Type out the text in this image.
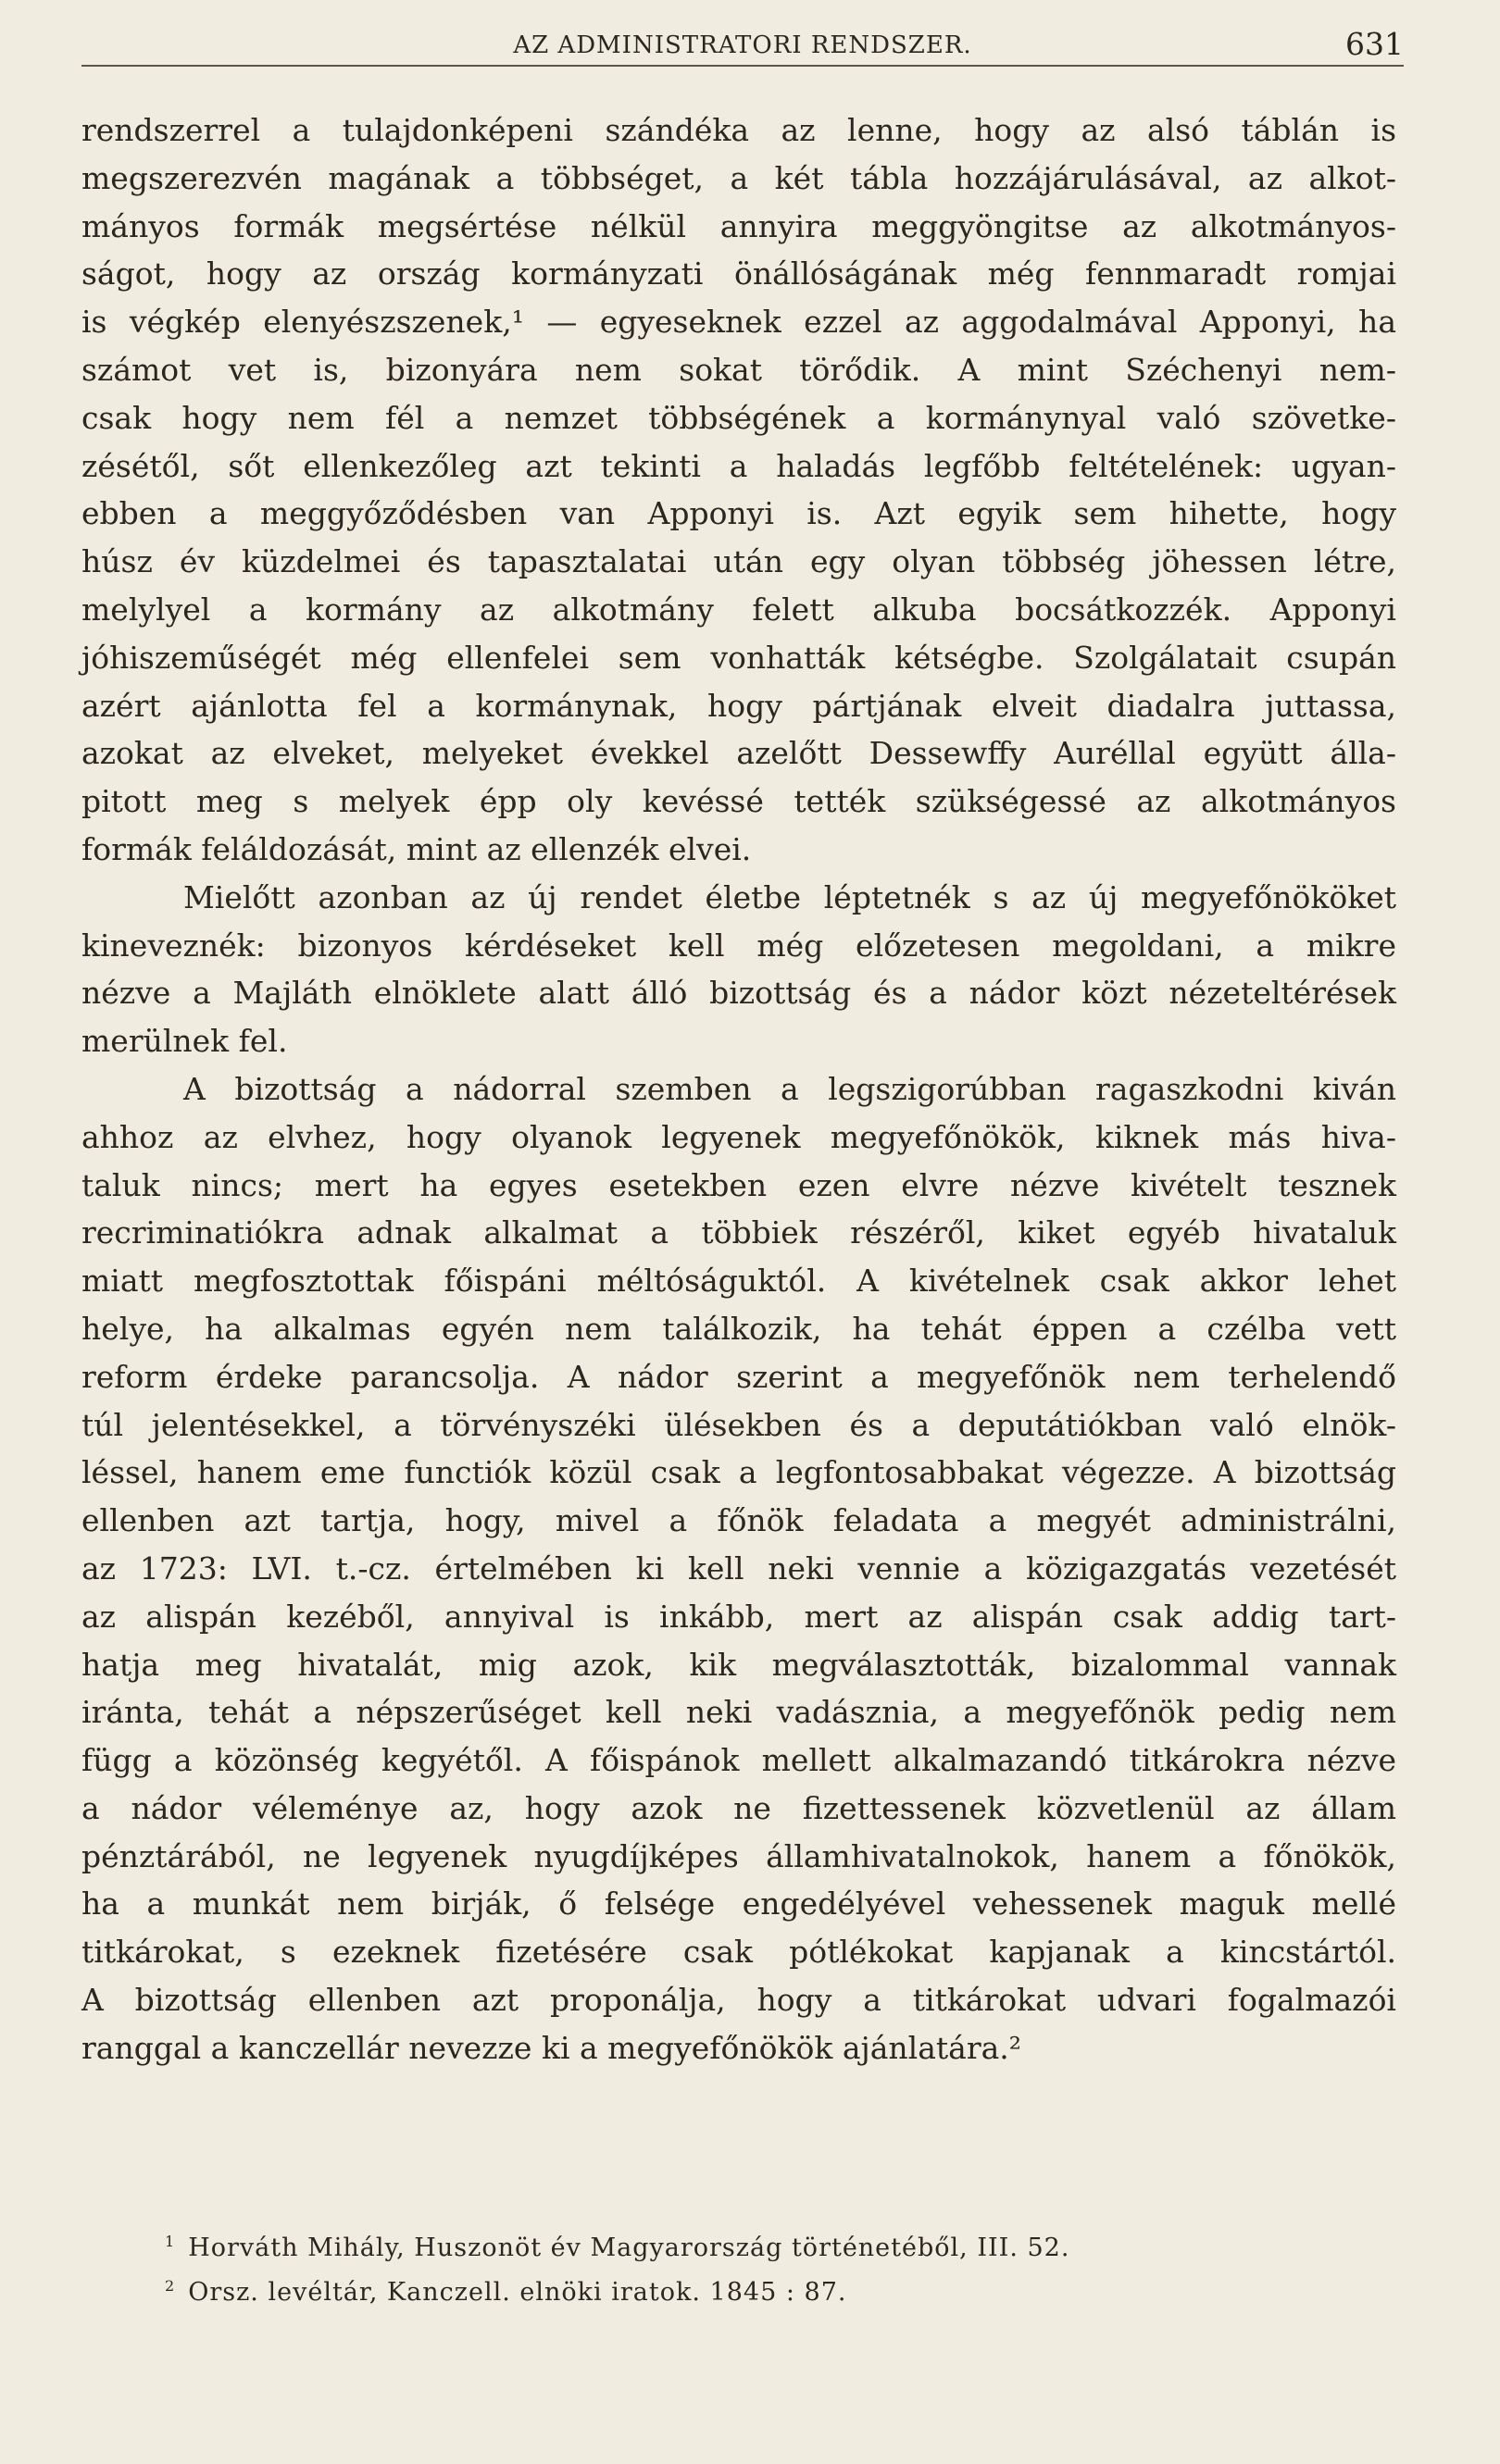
AZ ADMINISTRATORI RENDSZER.	631
rendszerrel a tulajdonképeni szándéka az lenne, hogy az alsó táblán is
megszerezvén magának a többséget, a két tábla hozzájárulásával, az alkot-
mányos formák megsértése nélkül annyira meggyöngitse az alkotmányos-
ságot, hogy az ország kormányzati önállóságának még fennmaradt romjai
is végkép elenyészszenek,¹ — egyeseknek ezzel az aggodalmával Apponyi, ha
számot vet is, bizonyára nem sokat törődik. A mint Széchenyi nem-
csak hogy nem fél a nemzet többségének a kormánynyal való szövetke-
zésétől, sőt ellenkezőleg azt tekinti a haladás legfőbb feltételének: ugyan-
ebben a meggyőződésben van Apponyi is. Azt egyik sem hihette, hogy
húsz év küzdelmei és tapasztalatai után egy olyan többség jöhessen létre,
melylyel a kormány az alkotmány felett alkuba bocsátkozzék. Apponyi
jóhiszeműségét még ellenfelei sem vonhatták kétségbe. Szolgálatait csupán
azért ajánlotta fel a kormánynak, hogy pártjának elveit diadalra juttassa,
azokat az elveket, melyeket évekkel azelőtt Dessewffy Auréllal együtt álla-
pitott meg s melyek épp oly kevéssé tették szükségessé az alkotmányos
formák feláldozását, mint az ellenzék elvei.
Mielőtt azonban az új rendet életbe léptetnék s az új megyefőnököket
kineveznék: bizonyos kérdéseket kell még előzetesen megoldani, a mikre
nézve a Majláth elnöklete alatt álló bizottság és a nádor közt nézeteltérések
merülnek fel.
A bizottság a nádorral szemben a legszigorúbban ragaszkodni kiván
ahhoz az elvhez, hogy olyanok legyenek megyefőnökök, kiknek más hiva-
taluk nincs; mert ha egyes esetekben ezen elvre nézve kivételt tesznek
recriminatiókra adnak alkalmat a többiek részéről, kiket egyéb hivataluk
miatt megfosztottak főispáni méltóságuktól. A kivételnek csak akkor lehet
helye, ha alkalmas egyén nem találkozik, ha tehát éppen a czélba vett
reform érdeke parancsolja. A nádor szerint a megyefőnök nem terhelendő
túl jelentésekkel, a törvényszéki ülésekben és a deputátiókban való elnök-
léssel, hanem eme functiók közül csak a legfontosabbakat végezze. A bizottság
ellenben azt tartja, hogy, mivel a főnök feladata a megyét administrálni,
az 1723: LVI. t.-cz. értelmében ki kell neki vennie a közigazgatás vezetését
az alispán kezéből, annyival is inkább, mert az alispán csak addig tart-
hatja meg hivatalát, mig azok, kik megválasztották, bizalommal vannak
iránta, tehát a népszerűséget kell neki vadásznia, a megyefőnök pedig nem
függ a közönség kegyétől. A főispánok mellett alkalmazandó titkárokra nézve
a nádor véleménye az, hogy azok ne fizettessenek közvetlenül az állam
pénztárából, ne legyenek nyugdíjképes államhivatalnokok, hanem a főnökök,
ha a munkát nem birják, ő felsége engedélyével vehessenek maguk mellé
titkárokat, s ezeknek fizetésére csak pótlékokat kapjanak a kincstártól.
A bizottság ellenben azt proponálja, hogy a titkárokat udvari fogalmazói
ranggal a kanczellár nevezze ki a megyefőnökök ajánlatára.²
$^1$ Horváth Mihály, Huszonöt év Magyarország történetéből, III. 52.
$^2$ Orsz. levéltár, Kanczell. elnöki iratok. 1845 : 87.
